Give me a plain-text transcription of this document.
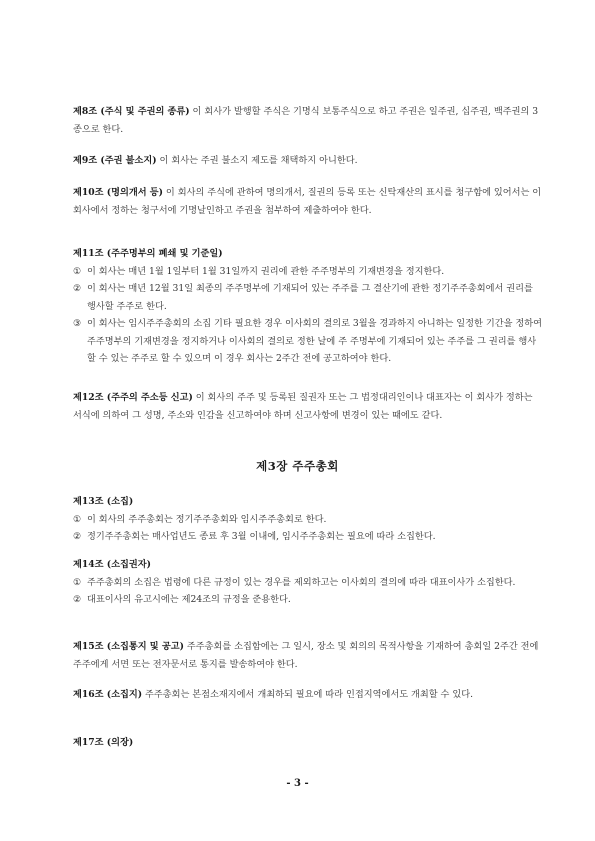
제8조 (주식 및 주권의 종류) 이 회사가 발행할 주식은 기명식 보통주식으로 하고 주권은 일주권, 십주권, 백주권의 3종으로 한다.
제9조 (주권 불소지) 이 회사는 주권 불소지 제도를 채택하지 아니한다.
제10조 (명의개서 등) 이 회사의 주식에 관하여 명의개서, 질권의 등록 또는 신탁재산의 표시를 청구함에 있어서는 이 회사에서 정하는 청구서에 기명날인하고 주권을 첨부하여 제출하여야 한다.
제11조 (주주명부의 폐쇄 및 기준일)
① 이 회사는 매년 1월 1일부터 1월 31일까지 권리에 관한 주주명부의 기재변경을 정지한다.
② 이 회사는 매년 12월 31일 최종의 주주명부에 기재되어 있는 주주를 그 결산기에 관한 정기주주총회에서 권리를 행사할 주주로 한다.
③ 이 회사는 임시주주총회의 소집 기타 필요한 경우 이사회의 결의로 3월을 경과하지 아니하는 일정한 기간을 정하여 주주명부의 기재변경을 정지하거나 이사회의 결의로 정한 날에 주 주명부에 기재되어 있는 주주를 그 권리를 행사할 수 있는 주주로 할 수 있으며 이 경우 회사는 2주간 전에 공고하여야 한다.
제12조 (주주의 주소등 신고) 이 회사의 주주 및 등록된 질권자 또는 그 법정대리인이나 대표자는 이 회사가 정하는 서식에 의하여 그 성명, 주소와 인감을 신고하여야 하며 신고사항에 변경이 있는 때에도 같다.
제3장 주주총회
제13조 (소집)
① 이 회사의 주주총회는 정기주주총회와 임시주주총회로 한다.
② 정기주주총회는 매사업년도 종료 후 3월 이내에, 임시주주총회는 필요에 따라 소집한다.
제14조 (소집권자)
① 주주총회의 소집은 법령에 다른 규정이 있는 경우를 제외하고는 이사회의 결의에 따라 대표이사가 소집한다.
② 대표이사의 유고시에는 제24조의 규정을 준용한다.
제15조 (소집통지 및 공고) 주주총회를 소집함에는 그 일시, 장소 및 회의의 목적사항을 기재하여 총회일 2주간 전에 주주에게 서면 또는 전자문서로 통지를 발송하여야 한다.
제16조 (소집지) 주주총회는 본점소재지에서 개최하되 필요에 따라 인접지역에서도 개최할 수 있다.
제17조 (의장)
- 3 -
